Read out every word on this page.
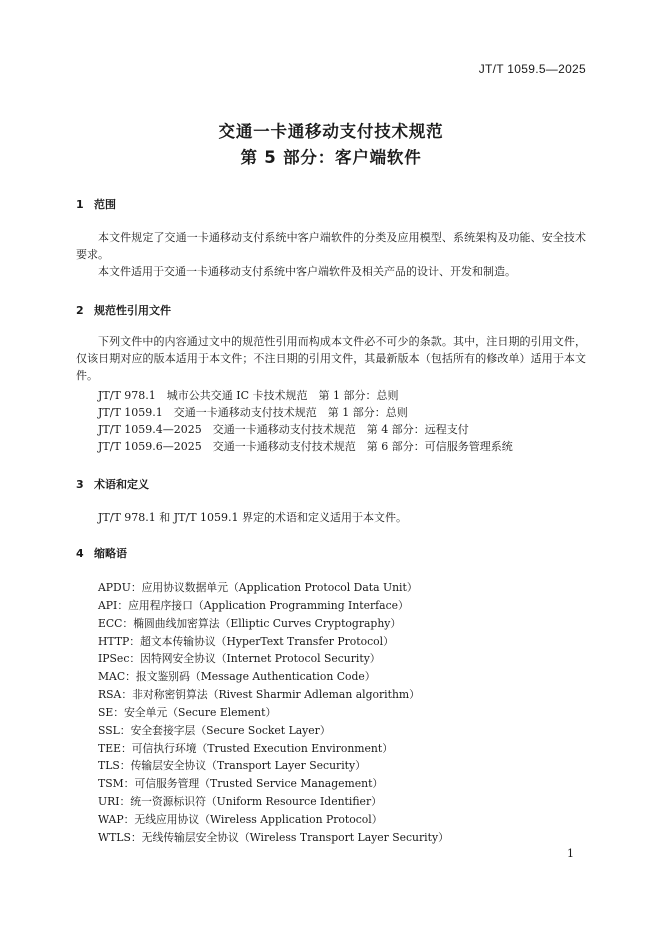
JT/T 1059.5—2025
交通一卡通移动支付技术规范
第 5 部分：客户端软件
1 范围
本文件规定了交通一卡通移动支付系统中客户端软件的分类及应用模型、系统架构及功能、安全技术要求。
本文件适用于交通一卡通移动支付系统中客户端软件及相关产品的设计、开发和制造。
2 规范性引用文件
下列文件中的内容通过文中的规范性引用而构成本文件必不可少的条款。其中，注日期的引用文件，仅该日期对应的版本适用于本文件；不注日期的引用文件，其最新版本（包括所有的修改单）适用于本文件。
JT/T 978.1　城市公共交通 IC 卡技术规范　第 1 部分：总则
JT/T 1059.1　交通一卡通移动支付技术规范　第 1 部分：总则
JT/T 1059.4—2025　交通一卡通移动支付技术规范　第 4 部分：远程支付
JT/T 1059.6—2025　交通一卡通移动支付技术规范　第 6 部分：可信服务管理系统
3 术语和定义
JT/T 978.1 和 JT/T 1059.1 界定的术语和定义适用于本文件。
4 缩略语
APDU：应用协议数据单元（Application Protocol Data Unit）
API：应用程序接口（Application Programming Interface）
ECC：椭圆曲线加密算法（Elliptic Curves Cryptography）
HTTP：超文本传输协议（HyperText Transfer Protocol）
IPSec：因特网安全协议（Internet Protocol Security）
MAC：报文鉴别码（Message Authentication Code）
RSA：非对称密钥算法（Rivest Sharmir Adleman algorithm）
SE：安全单元（Secure Element）
SSL：安全套接字层（Secure Socket Layer）
TEE：可信执行环境（Trusted Execution Environment）
TLS：传输层安全协议（Transport Layer Security）
TSM：可信服务管理（Trusted Service Management）
URI：统一资源标识符（Uniform Resource Identifier）
WAP：无线应用协议（Wireless Application Protocol）
WTLS：无线传输层安全协议（Wireless Transport Layer Security）
1
